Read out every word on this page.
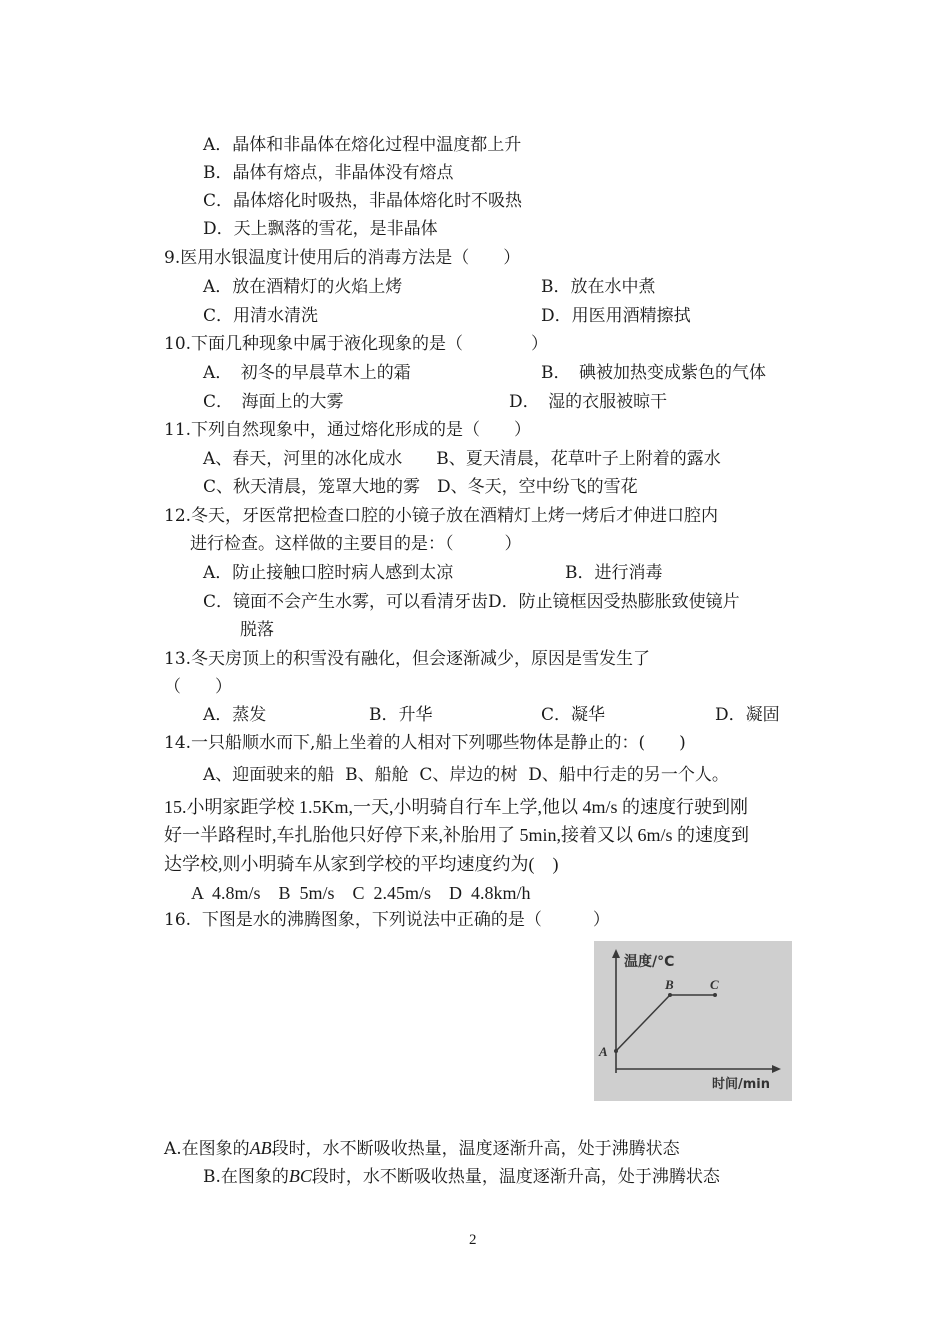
A．晶体和非晶体在熔化过程中温度都上升
B．晶体有熔点，非晶体没有熔点
C．晶体熔化时吸热，非晶体熔化时不吸热
D．天上飘落的雪花，是非晶体
9.医用水银温度计使用后的消毒方法是（　　）
A．放在酒精灯的火焰上烤	B．放在水中煮
C．用清水清洗	D．用医用酒精擦拭
10.下面几种现象中属于液化现象的是（　　　　）
A．　初冬的早晨草木上的霜	B．　碘被加热变成紫色的气体
C．　海面上的大雾	D．　湿的衣服被晾干
11.下列自然现象中，通过熔化形成的是（　　）
A、春天，河里的冰化成水　　B、夏天清晨，花草叶子上附着的露水
C、秋天清晨，笼罩大地的雾　D、冬天，空中纷飞的雪花
12.冬天，牙医常把检查口腔的小镜子放在酒精灯上烤一烤后才伸进口腔内
进行检查。这样做的主要目的是：（　　　）
A．防止接触口腔时病人感到太凉	B．进行消毒
C．镜面不会产生水雾，可以看清牙齿D．防止镜框因受热膨胀致使镜片
脱落
13.冬天房顶上的积雪没有融化，但会逐渐减少，原因是雪发生了
（　　）
A．蒸发	B．升华	C．凝华	D．凝固
14.一只船顺水而下,船上坐着的人相对下列哪些物体是静止的：(　　)
A、迎面驶来的船  B、船舱  C、岸边的树  D、船中行走的另一个人。
15.小明家距学校 1.5Km,一天,小明骑自行车上学,他以 4m/s 的速度行驶到刚
好一半路程时,车扎胎他只好停下来,补胎用了 5min,接着又以 6m/s 的速度到
达学校,则小明骑车从家到学校的平均速度约为(　)
A  4.8m/s    B  5m/s    C  2.45m/s    D  4.8km/h
16.  下图是水的沸腾图象，下列说法中正确的是（　　　）
温度/°C
时间/min
A
B	C
A.在图象的AB段时，水不断吸收热量，温度逐渐升高，处于沸腾状态
B.在图象的BC段时，水不断吸收热量，温度逐渐升高，处于沸腾状态
2
